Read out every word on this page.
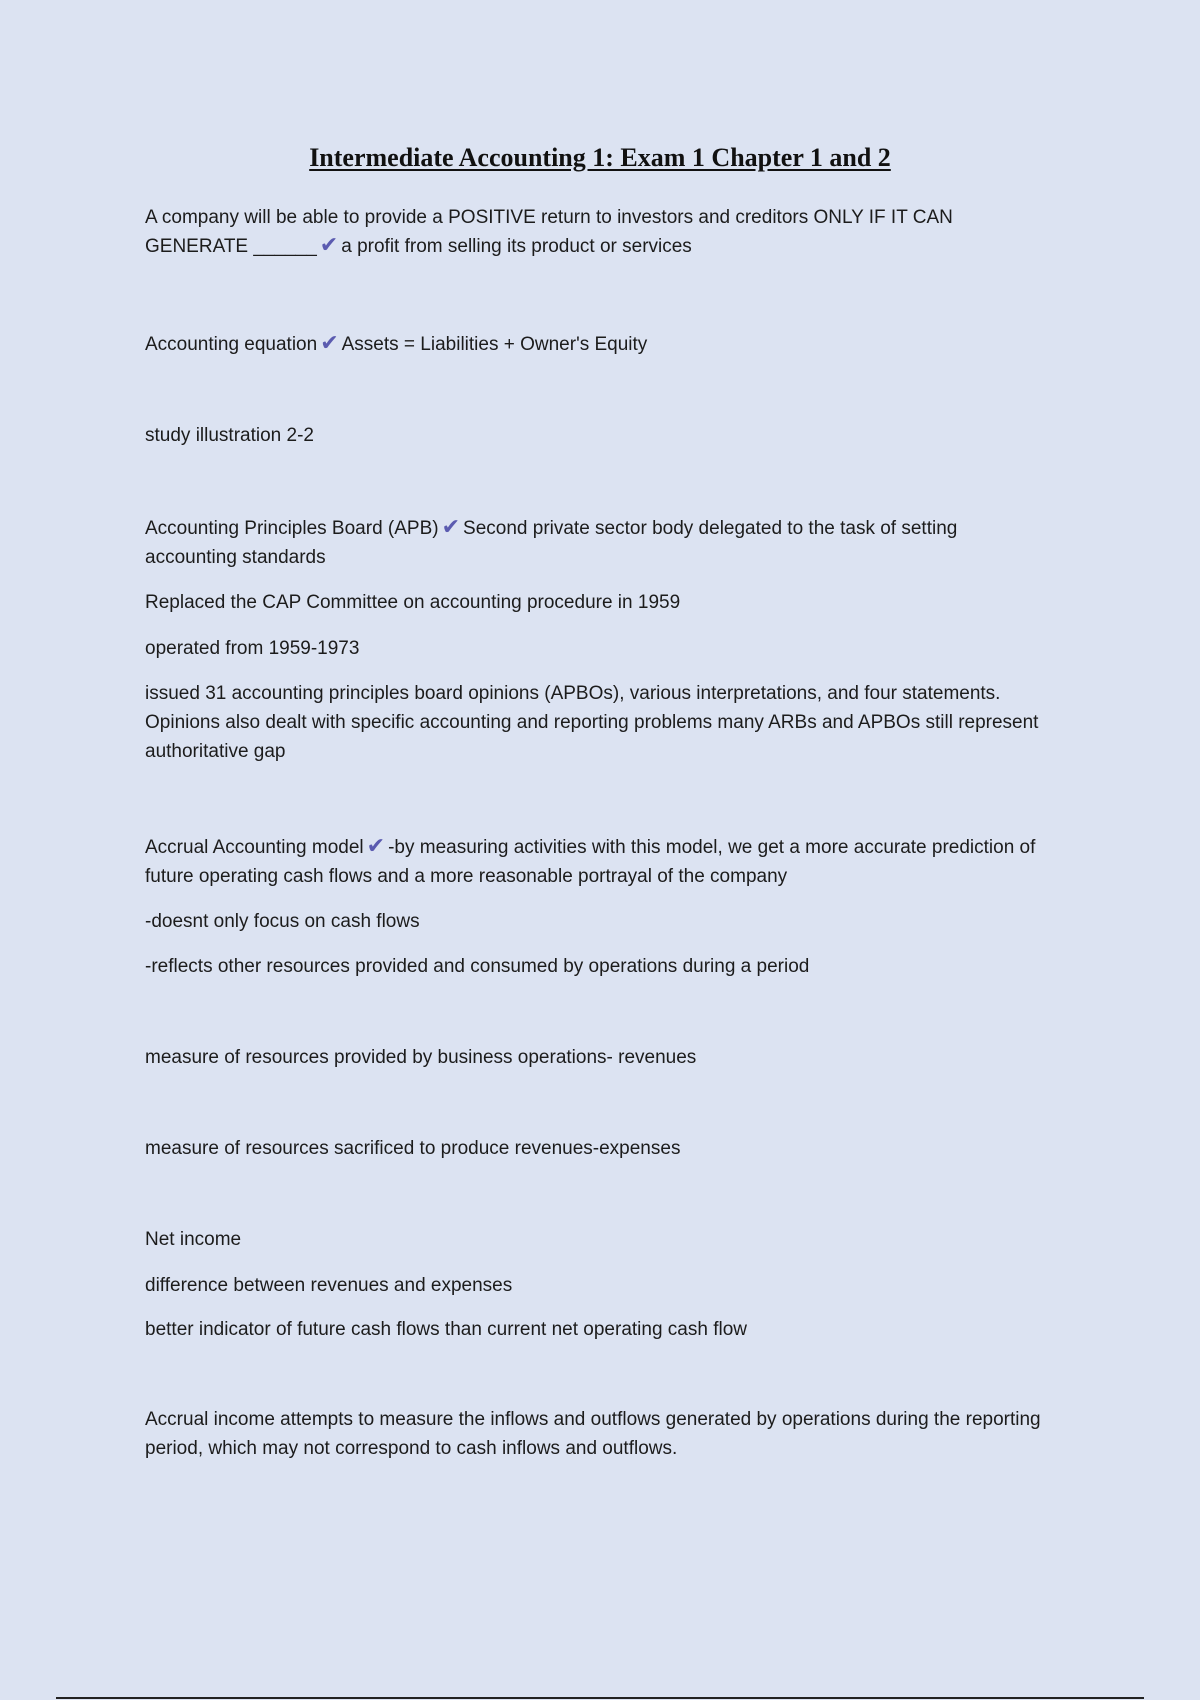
Intermediate Accounting 1: Exam 1 Chapter 1 and 2

A company will be able to provide a POSITIVE return to investors and creditors ONLY IF IT CAN GENERATE ______ ✔ a profit from selling its product or services

Accounting equation ✔ Assets = Liabilities + Owner's Equity

study illustration 2-2

Accounting Principles Board (APB) ✔ Second private sector body delegated to the task of setting accounting standards

Replaced the CAP Committee on accounting procedure in 1959

operated from 1959-1973

issued 31 accounting principles board opinions (APBOs), various interpretations, and four statements. Opinions also dealt with specific accounting and reporting problems many ARBs and APBOs still represent authoritative gap

Accrual Accounting model ✔ -by measuring activities with this model, we get a more accurate prediction of future operating cash flows and a more reasonable portrayal of the company

-doesnt only focus on cash flows

-reflects other resources provided and consumed by operations during a period

measure of resources provided by business operations- revenues

measure of resources sacrificed to produce revenues-expenses

Net income

difference between revenues and expenses

better indicator of future cash flows than current net operating cash flow

Accrual income attempts to measure the inflows and outflows generated by operations during the reporting period, which may not correspond to cash inflows and outflows.
